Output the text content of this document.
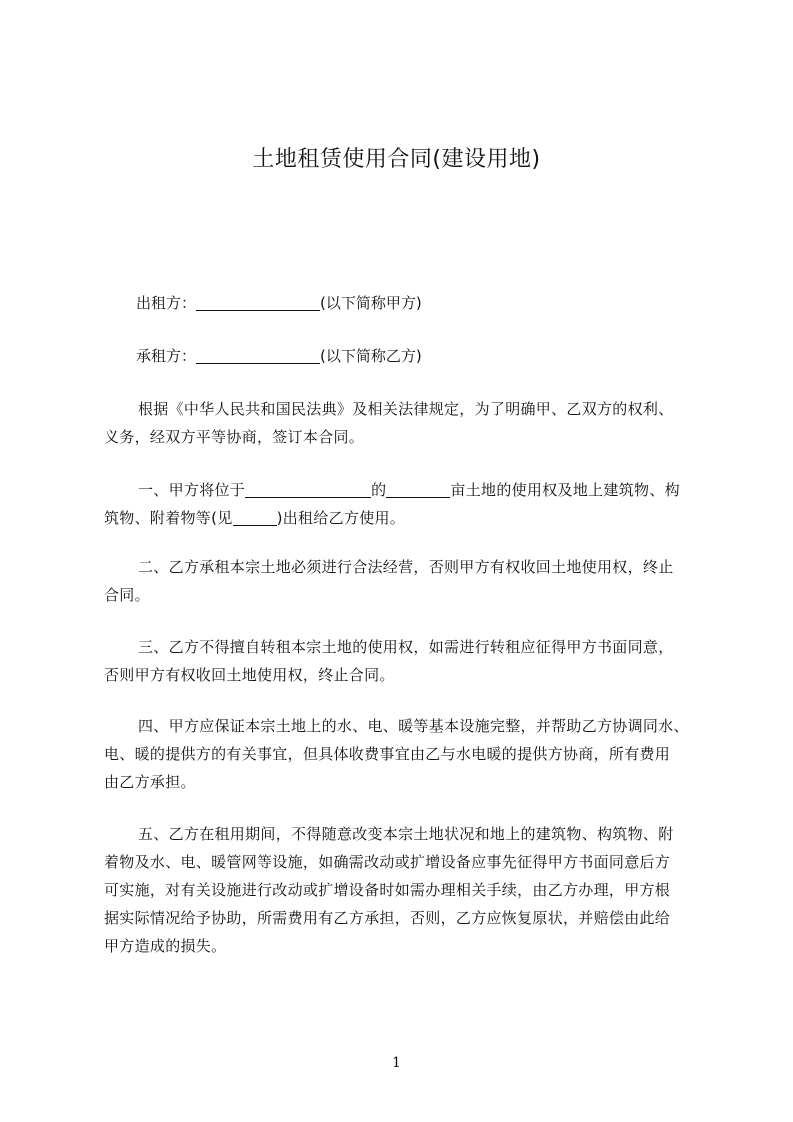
土地租赁使用合同(建设用地)
出租方：	(以下简称甲方)
承租方：	(以下简称乙方)
根据《中华人民共和国民法典》及相关法律规定，为了明确甲、乙双方的权利、
义务，经双方平等协商，签订本合同。
一、甲方将位于	的	亩土地的使用权及地上建筑物、构
筑物、附着物等(见	)出租给乙方使用。
二、乙方承租本宗土地必须进行合法经营，否则甲方有权收回土地使用权，终止
合同。
三、乙方不得擅自转租本宗土地的使用权，如需进行转租应征得甲方书面同意，
否则甲方有权收回土地使用权，终止合同。
四、甲方应保证本宗土地上的水、电、暖等基本设施完整，并帮助乙方协调同水、
电、暖的提供方的有关事宜，但具体收费事宜由乙与水电暖的提供方协商，所有费用
由乙方承担。
五、乙方在租用期间，不得随意改变本宗土地状况和地上的建筑物、构筑物、附
着物及水、电、暖管网等设施，如确需改动或扩增设备应事先征得甲方书面同意后方
可实施，对有关设施进行改动或扩增设备时如需办理相关手续，由乙方办理，甲方根
据实际情况给予协助，所需费用有乙方承担，否则，乙方应恢复原状，并赔偿由此给
甲方造成的损失。
1
